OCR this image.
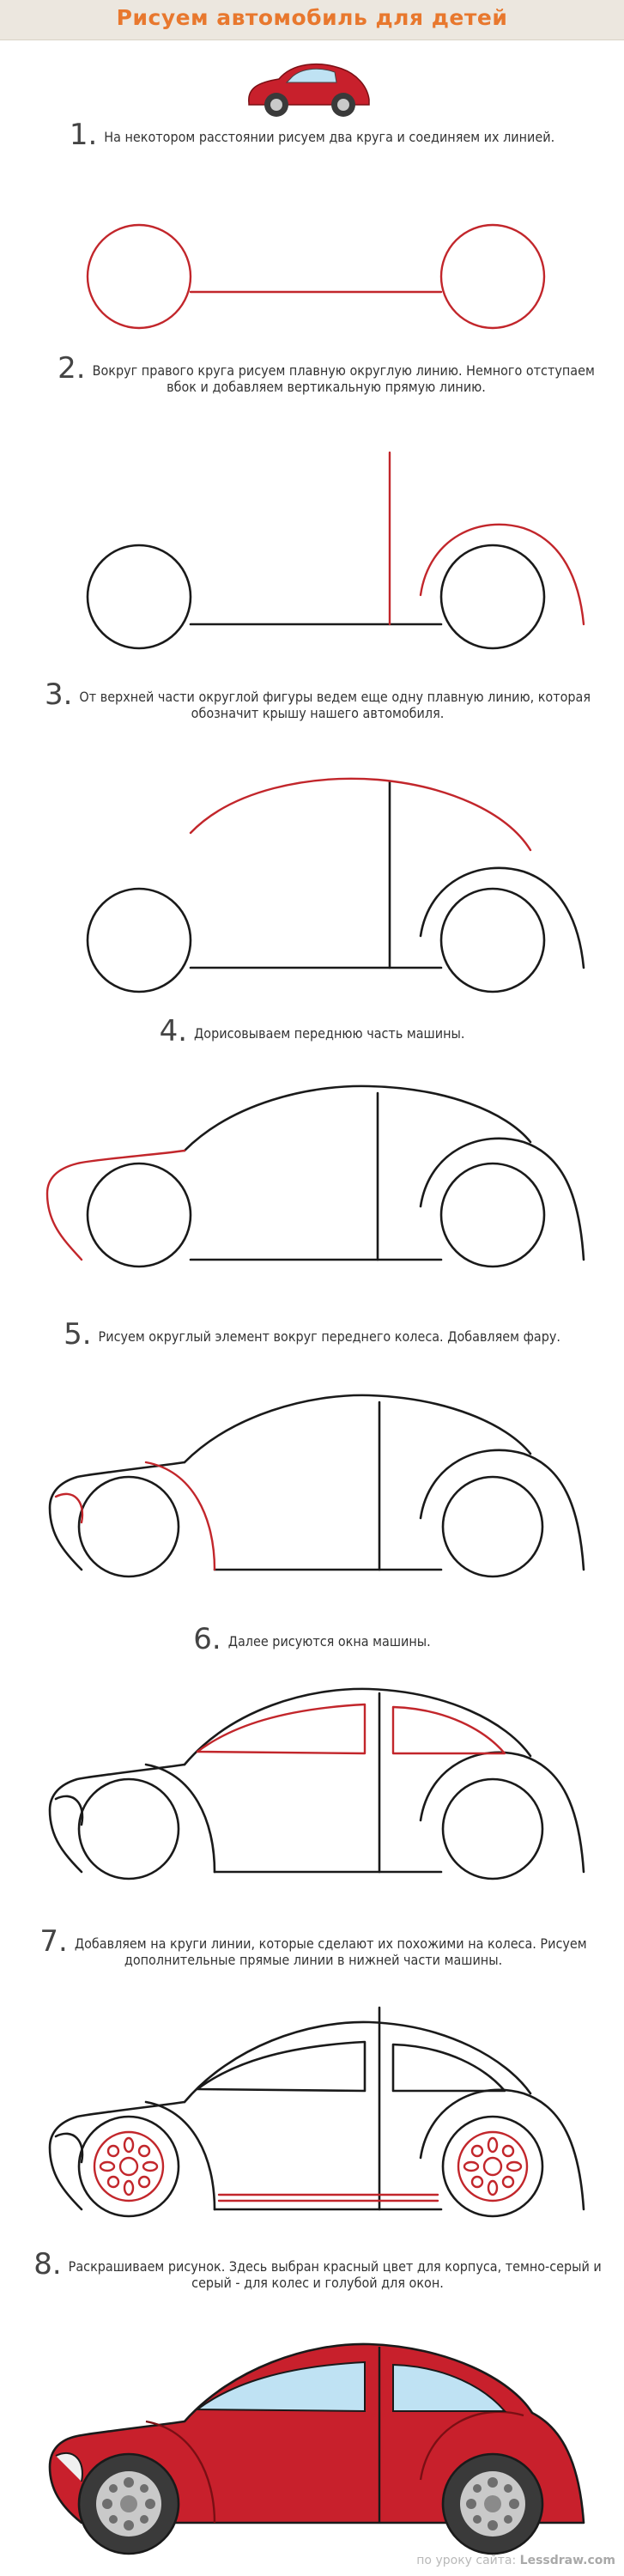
Рисуем автомобиль для детей
1. На некотором расстоянии рисуем два круга и соединяем их линией.
2. Вокруг правого круга рисуем плавную округлую линию. Немного отступаем вбок и добавляем вертикальную прямую линию.
3. От верхней части округлой фигуры ведем еще одну плавную линию, которая обозначит крышу нашего автомобиля.
4. Дорисовываем переднюю часть машины.
5. Рисуем округлый элемент вокруг переднего колеса. Добавляем фару.
6. Далее рисуются окна машины.
7. Добавляем на круги линии, которые сделают их похожими на колеса. Рисуем дополнительные прямые линии в нижней части машины.
8. Раскрашиваем рисунок. Здесь выбран красный цвет для корпуса, темно-серый и серый - для колес и голубой для окон.
по уроку сайта: Lessdraw.com
